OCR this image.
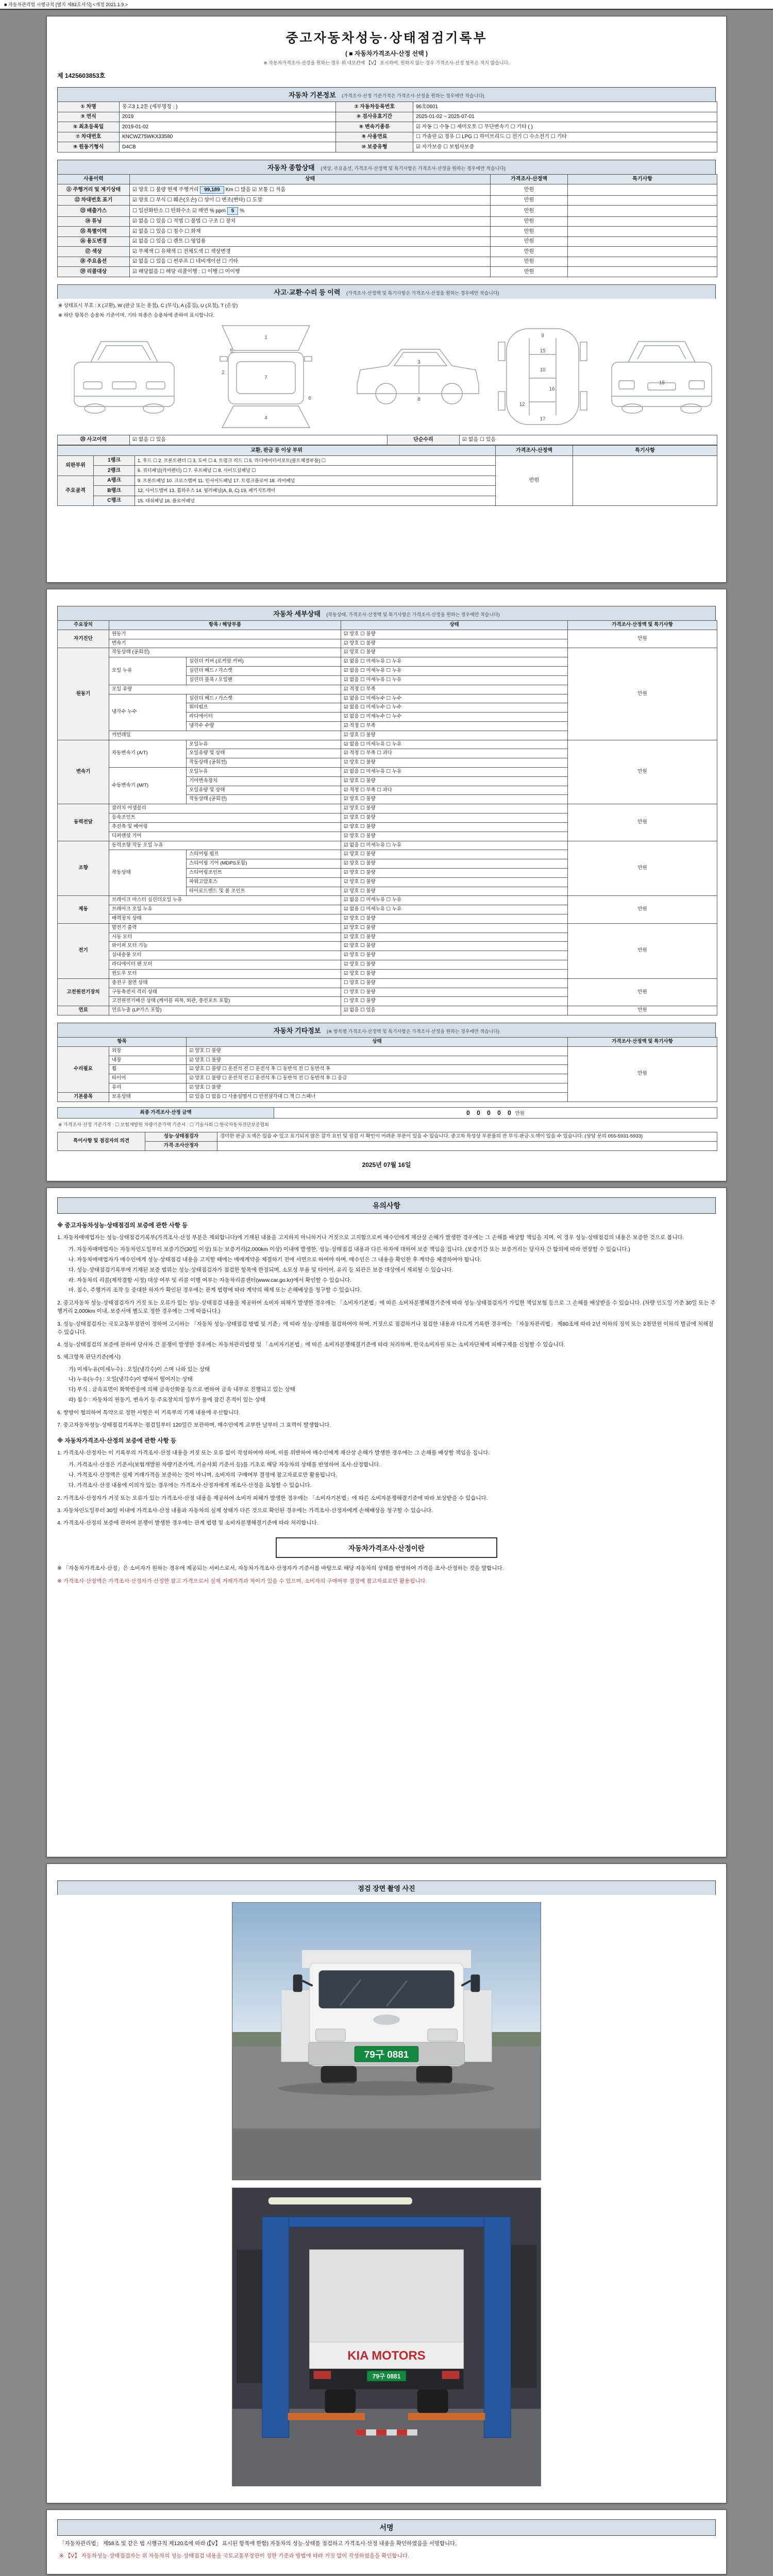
■ 자동차관리법 시행규칙 [별지 제82호서식] <개정 2021.1.9.>
중고자동차성능·상태점검기록부
( ■ 자동차가격조사·산정 선택 )
※ 자동차가격조사·산정을 원하는 경우 위 네모칸에 【V】 표시하며, 원하지 않는 경우 가격조사·산정 항목은 적지 않습니다.
제 1425603853호
자동차 기본정보 (가격조사·산정 기준가격은 가격조사·산정을 원하는 경우에만 적습니다)
① 차명	봉고3 1.2톤 (세부명칭 : )	② 자동차등록번호	96호0601
③ 연식	2019	④ 검사유효기간	2025-01-02 ~ 2025-07-01
⑤ 최초등록일	2019-01-02	⑥ 변속기종류	☑ 자동 ☐ 수동 ☐ 세미오토 ☐ 무단변속기 ☐ 기타 ( )
⑦ 차대번호	KNCWZ75WKX33580	⑧ 사용연료	☐ 가솔린 ☑ 경유 ☐ LPG ☐ 하이브리드 ☐ 전기 ☐ 수소전기 ☐ 기타
⑨ 원동기형식	D4CB	⑩ 보증유형	☑ 자가보증 ☐ 보험사보증
자동차 종합상태 (색상, 주요옵션, 가격조사·산정액 및 특기사항은 가격조사·산정을 원하는 경우에만 적습니다)
사용이력	상태	가격조사·산정액	특기사항
⑪ 주행거리 및 계기상태	☑ 양호 ☐ 불량 현재 주행거리 99,189 Km ☐ 많음 ☑ 보통 ☐ 적음	만원	
⑫ 차대번호 표기	☑ 양호 ☐ 부식 ☐ 훼손(오손) ☐ 상이 ☐ 변조(변타) ☐ 도말	만원	
⑬ 배출가스	☐ 일산화탄소 ☐ 탄화수소 ☑ 매연 % ppm 5 %	만원	
⑭ 튜닝	☑ 없음 ☐ 있음 ☐ 적법 ☐ 불법 ☐ 구조 ☐ 장치	만원	
⑮ 특별이력	☑ 없음 ☐ 있음 ☐ 침수 ☐ 화재	만원	
⑯ 용도변경	☑ 없음 ☐ 있음 ☐ 렌트 ☐ 영업용	만원	
⑰ 색상	☑ 무채색 ☐ 유채색 ☐ 전체도색 ☐ 색상변경	만원	
⑱ 주요옵션	☑ 없음 ☐ 있음 ☐ 썬루프 ☐ 네비게이션 ☐ 기타	만원	
⑲ 리콜대상	☑ 해당없음 ☐ 해당 리콜이행 : ☐ 이행 ☐ 미이행	만원	
사고·교환·수리 등 이력 (가격조사·산정액 및 특기사항은 가격조사·산정을 원하는 경우에만 적습니다)
※ 상태표시 부호 : X (교환), W (판금 또는 용접), C (부식), A (흠집), U (요철), T (손상)
※ 하단 항목은 승용차 기준이며, 기타 차종은 승용차에 준하여 표시합니다.
1
5
2
7
6
4
3
8
9
15
10
16
12
17
18
⑳ 사고이력	☑ 없음 ☐ 있음	단순수리	☑ 없음 ☐ 있음
교환, 판금 등 이상 부위			가격조사·산정액	특기사항
외판부위	1랭크	1. 후드 ☐ 2. 프론트펜더 ☐ 3. 도어 ☐ 4. 트렁크 리드 ☐ 5. 라디에이터서포트(볼트체결부품) ☐	만원	
	2랭크	6. 쿼터패널(리어펜더) ☐ 7. 루프패널 ☐ 8. 사이드실패널 ☐		
주요골격	A랭크	9. 프론트패널 10. 크로스멤버 11. 인사이드패널 17. 트렁크플로어 18. 리어패널		
	B랭크	12. 사이드멤버 13. 휠하우스 14. 필러패널(A, B, C) 19. 패키지트레이		
	C랭크	15. 대쉬패널 16. 플로어패널		
자동차 세부상태 (작동상태, 가격조사·산정액 및 특기사항은 가격조사·산정을 원하는 경우에만 적습니다)
주요장치	항목 / 해당부품		상태	가격조사·산정액 및 특기사항
자기진단	원동기		☑ 양호 ☐ 불량	만원
	변속기		☑ 양호 ☐ 불량	
원동기	작동상태 (공회전)		☑ 양호 ☐ 불량	만원
	오일 누유	실린더 커버 (로커암 커버)	☑ 없음 ☐ 미세누유 ☐ 누유	
		실린더 헤드 / 가스켓	☑ 없음 ☐ 미세누유 ☐ 누유	
		실린더 블록 / 오일팬	☑ 없음 ☐ 미세누유 ☐ 누유	
	오일 유량		☑ 적정 ☐ 부족	
	냉각수 누수	실린더 헤드 / 가스켓	☑ 없음 ☐ 미세누수 ☐ 누수	
		워터펌프	☑ 없음 ☐ 미세누수 ☐ 누수	
		라디에이터	☑ 없음 ☐ 미세누수 ☐ 누수	
		냉각수 수량	☑ 적정 ☐ 부족	
	커먼레일		☑ 양호 ☐ 불량	
변속기	자동변속기 (A/T)	오일누유	☑ 없음 ☐ 미세누유 ☐ 누유	만원
		오일유량 및 상태	☑ 적정 ☐ 부족 ☐ 과다	
		작동상태 (공회전)	☑ 양호 ☐ 불량	
	수동변속기 (M/T)	오일누유	☑ 없음 ☐ 미세누유 ☐ 누유	
		기어변속장치	☑ 양호 ☐ 불량	
		오일유량 및 상태	☑ 적정 ☐ 부족 ☐ 과다	
		작동상태 (공회전)	☑ 양호 ☐ 불량	
동력전달	클러치 어셈블리		☑ 양호 ☐ 불량	만원
	등속조인트		☑ 양호 ☐ 불량	
	추진축 및 베어링		☑ 양호 ☐ 불량	
	디퍼렌셜 기어		☑ 양호 ☐ 불량	
조향	동력조향 작동 오일 누유		☑ 없음 ☐ 미세누유 ☐ 누유	만원
	작동상태	스티어링 펌프	☑ 양호 ☐ 불량	
		스티어링 기어 (MDPS포함)	☑ 양호 ☐ 불량	
		스티어링조인트	☑ 양호 ☐ 불량	
		파워고압호스	☑ 양호 ☐ 불량	
		타이로드엔드 및 볼 조인트	☑ 양호 ☐ 불량	
제동	브레이크 마스터 실린더오일 누유		☑ 없음 ☐ 미세누유 ☐ 누유	만원
	브레이크 오일 누유		☑ 없음 ☐ 미세누유 ☐ 누유	
	배력장치 상태		☑ 양호 ☐ 불량	
전기	발전기 출력		☑ 양호 ☐ 불량	만원
	시동 모터		☑ 양호 ☐ 불량	
	와이퍼 모터 기능		☑ 양호 ☐ 불량	
	실내송풍 모터		☑ 양호 ☐ 불량	
	라디에이터 팬 모터		☑ 양호 ☐ 불량	
	윈도우 모터		☑ 양호 ☐ 불량	
고전원전기장치	충전구 절연 상태		☐ 양호 ☐ 불량	만원
	구동축전지 격리 상태		☐ 양호 ☐ 불량	
	고전원전기배선 상태 (케이블 피복, 외관, 충전포트 포함)		☐ 양호 ☐ 불량	
연료	연료누출 (LP가스 포함)		☑ 없음 ☐ 있음	만원
자동차 기타정보 (※ 항목별 가격조사·산정액 및 특기사항은 가격조사·산정을 원하는 경우에만 적습니다)
항목		상태	가격조사·산정액 및 특기사항
수리필요	외장	☑ 양호 ☐ 불량	만원
	내장	☑ 양호 ☐ 불량	
	휠	☑ 양호 ☐ 불량 ☐ 운전석 전 ☐ 운전석 후 ☐ 동반석 전 ☐ 동반석 후	
	타이어	☑ 양호 ☐ 불량 ☐ 운전석 전 ☐ 운전석 후 ☐ 동반석 전 ☐ 동반석 후 ☐ 응급	
	유리	☑ 양호 ☐ 불량	
기본품목	보유상태	☑ 있음 ☐ 없음 ☐ 사용설명서 ☐ 안전삼각대 ☐ 잭 ☐ 스패너	
최종 가격조사·산정 금액	0 0 0 0 0 만원
※ 가격조사·산정 기준가격 : ☐ 보험개발원 차량기준가액 기준서 : ☐ 기술사회 ☐ 한국자동차진단보증협회
특이사항 및 점검자의 의견	성능·상태점검자	경미한 판금·도색은 있을 수 있고 표기되지 않은 감가 요인 및 점검 시 확인이 어려운 부분이 있을 수 있습니다. 중고차 특성상 부분품의 잔 부식·판금·도색이 있을 수 있습니다. (상담 문의 055-5931-5933)
	가격·조사산정자	
2025년 07월 16일
유의사항
※ 중고자동차성능·상태점검의 보증에 관한 사항 등
1. 자동차매매업자는 성능·상태점검기록부(가격조사·산정 부분은 제외합니다)에 기재된 내용을 고지하지 아니하거나 거짓으로 고지함으로써 매수인에게 재산상 손해가 발생한 경우에는 그 손해를 배상할 책임을 지며, 이 경우 성능·상태점검의 내용은 보증한 것으로 봅니다.
가. 자동차매매업자는 자동차인도일부터 보증기간(30일 이상) 또는 보증거리(2,000km 이상) 이내에 발생한, 성능·상태점검 내용과 다른 하자에 대하여 보증 책임을 집니다. (보증기간 또는 보증거리는 당사자 간 합의에 따라 연장할 수 있습니다.)
나. 자동차매매업자가 매수인에게 성능·상태점검 내용을 고지할 때에는 매매계약을 체결하기 전에 서면으로 하여야 하며, 매수인은 그 내용을 확인한 후 계약을 체결하여야 합니다.
다. 성능·상태점검기록부에 기재된 보증 범위는 성능·상태점검자가 점검한 항목에 한정되며, 소모성 부품 및 타이어, 유리 등 외관은 보증 대상에서 제외될 수 있습니다.
라. 자동차의 리콜(제작결함 시정) 대상 여부 및 리콜 이행 여부는 자동차리콜센터(www.car.go.kr)에서 확인할 수 있습니다.
마. 침수, 주행거리 조작 등 중대한 하자가 확인된 경우에는 관계 법령에 따라 계약의 해제 또는 손해배상을 청구할 수 있습니다.
2. 중고자동차 성능·상태점검자가 거짓 또는 오류가 있는 성능·상태점검 내용을 제공하여 소비자 피해가 발생한 경우에는 「소비자기본법」에 따른 소비자분쟁해결기준에 따라 성능·상태점검자가 가입한 책임보험 등으로 그 손해를 배상받을 수 있습니다. (차량 인도일 기준 30일 또는 주행거리 2,000km 이내, 보증서에 별도로 정한 경우에는 그에 따릅니다.)
3. 성능·상태점검자는 국토교통부장관이 정하여 고시하는 「자동차 성능·상태점검 방법 및 기준」에 따라 성능·상태를 점검하여야 하며, 거짓으로 점검하거나 점검한 내용과 다르게 기록한 경우에는 「자동차관리법」 제80조에 따라 2년 이하의 징역 또는 2천만원 이하의 벌금에 처해질 수 있습니다.
4. 성능·상태점검의 보증에 관하여 당사자 간 분쟁이 발생한 경우에는 자동차관리법령 및 「소비자기본법」에 따른 소비자분쟁해결기준에 따라 처리하며, 한국소비자원 또는 소비자단체에 피해구제를 신청할 수 있습니다.
5. 체크항목 판단기준(예시)
가) 미세누유(미세누수) : 오일(냉각수)이 스며 나와 있는 상태
나) 누유(누수) : 오일(냉각수)이 맺혀서 떨어지는 상태
다) 부식 : 금속표면이 화학반응에 의해 금속산화물 등으로 변하여 금속 내부로 진행되고 있는 상태
라) 침수 : 자동차의 원동기, 변속기 등 주요장치의 일부가 물에 잠긴 흔적이 있는 상태
6. 쌍방이 협의하여 특약으로 정한 사항은 이 기록부의 기재 내용에 우선합니다.
7. 중고자동차성능·상태점검기록부는 점검일부터 120일간 보관하며, 매수인에게 교부한 날부터 그 효력이 발생합니다.
※ 자동차가격조사·산정의 보증에 관한 사항 등
1. 가격조사·산정자는 이 기록부의 가격조사·산정 내용을 거짓 또는 오류 없이 작성하여야 하며, 이를 위반하여 매수인에게 재산상 손해가 발생한 경우에는 그 손해를 배상할 책임을 집니다.
가. 가격조사·산정은 기준서(보험개발원 차량기준가액, 기술사회 기준서 등)를 기초로 해당 자동차의 상태를 반영하여 조사·산정합니다.
나. 가격조사·산정액은 실제 거래가격을 보증하는 것이 아니며, 소비자의 구매여부 결정에 참고자료로만 활용됩니다.
다. 가격조사·산정 내용에 이의가 있는 경우에는 가격조사·산정자에게 재조사·산정을 요청할 수 있습니다.
2. 가격조사·산정자가 거짓 또는 오류가 있는 가격조사·산정 내용을 제공하여 소비자 피해가 발생한 경우에는 「소비자기본법」에 따른 소비자분쟁해결기준에 따라 보상받을 수 있습니다.
3. 자동차인도일부터 30일 이내에 가격조사·산정 내용과 자동차의 실제 상태가 다른 것으로 확인된 경우에는 가격조사·산정자에게 손해배상을 청구할 수 있습니다.
4. 가격조사·산정의 보증에 관하여 분쟁이 발생한 경우에는 관계 법령 및 소비자분쟁해결기준에 따라 처리합니다.
자동차가격조사·산정이란
※ 「자동차가격조사·산정」은 소비자가 원하는 경우에 제공되는 서비스로서, 자동차가격조사·산정자가 기준서를 바탕으로 해당 자동차의 상태를 반영하여 가격을 조사·산정하는 것을 말합니다.
※ 가격조사·산정액은 가격조사·산정자가 산정한 참고 가격으로서 실제 거래가격과 차이가 있을 수 있으며, 소비자의 구매여부 결정에 참고자료로만 활용됩니다.
점검 장면 촬영 사진
79구 0881
KIA MOTORS
79구 0881
서명
「자동차관리법」 제58조 및 같은 법 시행규칙 제120조에 따라 (【V】 표시된 항목에 한함) 자동차의 성능·상태를 점검하고 가격조사·산정 내용을 확인하였음을 서명합니다.
※ 【V】 자동차성능·상태점검자는 위 자동차의 성능·상태점검 내용을 국토교통부장관이 정한 기준과 방법에 따라 거짓 없이 작성하였음을 확인합니다.
